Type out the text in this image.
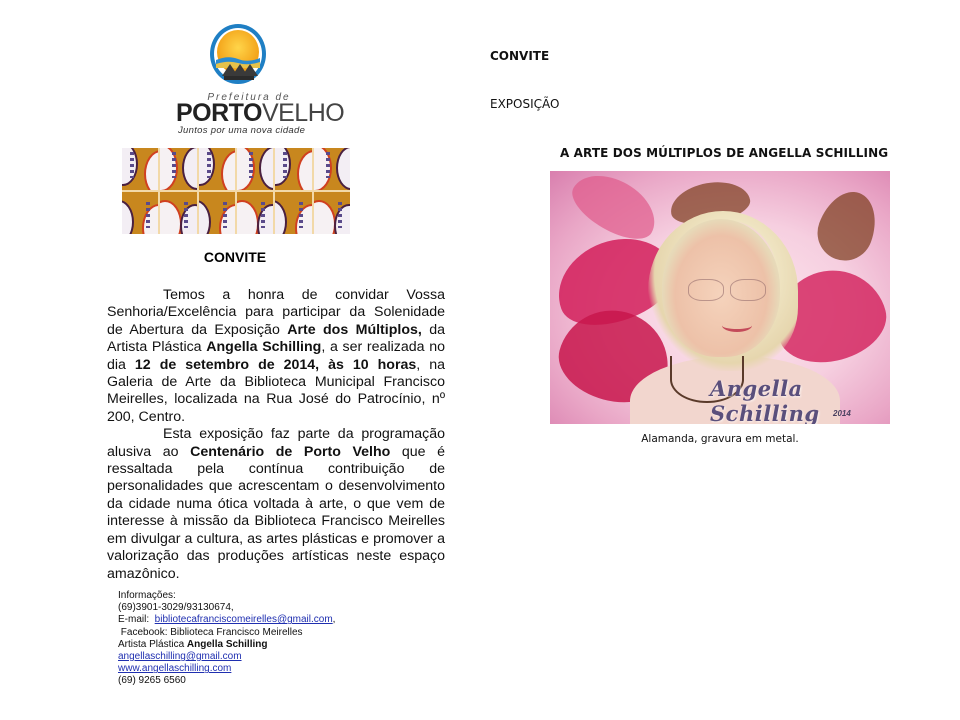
Prefeitura de
PORTOVELHO
Juntos por uma nova cidade
CONVITE

Temos a honra de convidar Vossa Senhoria/Excelência para participar da Solenidade de Abertura da Exposição Arte dos Múltiplos, da Artista Plástica Angella Schilling, a ser realizada no dia 12 de setembro de 2014, às 10 horas, na Galeria de Arte da Biblioteca Municipal Francisco Meirelles, localizada na Rua José do Patrocínio, nº 200, Centro.

Esta exposição faz parte da programação alusiva ao Centenário de Porto Velho que é ressaltada pela contínua contribuição de personalidades que acrescentam o desenvolvimento da cidade numa ótica voltada à arte, o que vem de interesse à missão da Biblioteca Francisco Meirelles em divulgar a cultura, as artes plásticas e promover a valorização das produções artísticas neste espaço amazônico.

Informações:
(69)3901-3029/93130674,
E-mail:  bibliotecafranciscomeirelles@gmail.com,
Facebook: Biblioteca Francisco Meirelles
Artista Plástica Angella Schilling
angellaschilling@gmail.com
www.angellaschilling.com
(69) 9265 6560
CONVITE
EXPOSIÇÃO
A ARTE DOS MÚLTIPLOS DE ANGELLA SCHILLING
Angella Schilling	2014
Alamanda, gravura em metal.
